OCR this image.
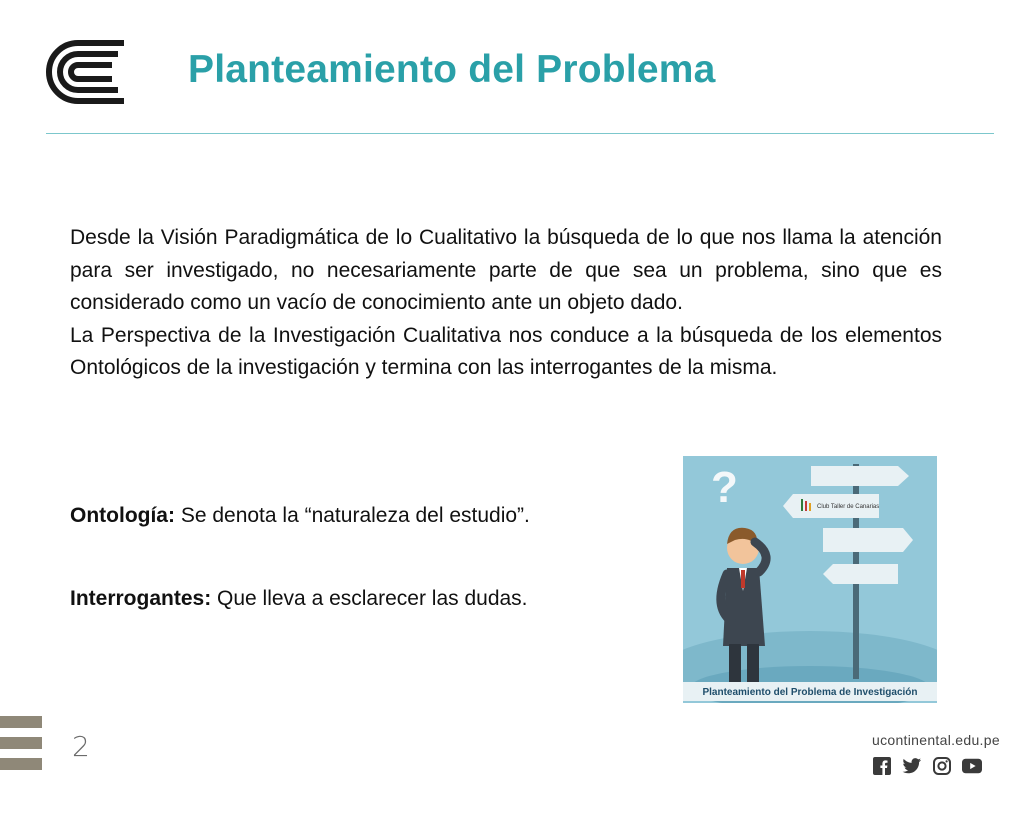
Planteamiento del Problema

Desde la Visión Paradigmática de lo Cualitativo la búsqueda de lo que nos llama la atención para ser investigado, no necesariamente parte de que sea un problema, sino que es considerado como un vacío de conocimiento ante un objeto dado.

La Perspectiva de la Investigación Cualitativa nos conduce a la búsqueda de los elementos Ontológicos de la investigación y termina con las interrogantes de la misma.

Ontología: Se denota la “naturaleza del estudio”.
Interrogantes: Que lleva a esclarecer las dudas.
Club Taller de Canarias
?
Planteamiento del Problema de Investigación
2	ucontinental.edu.pe
